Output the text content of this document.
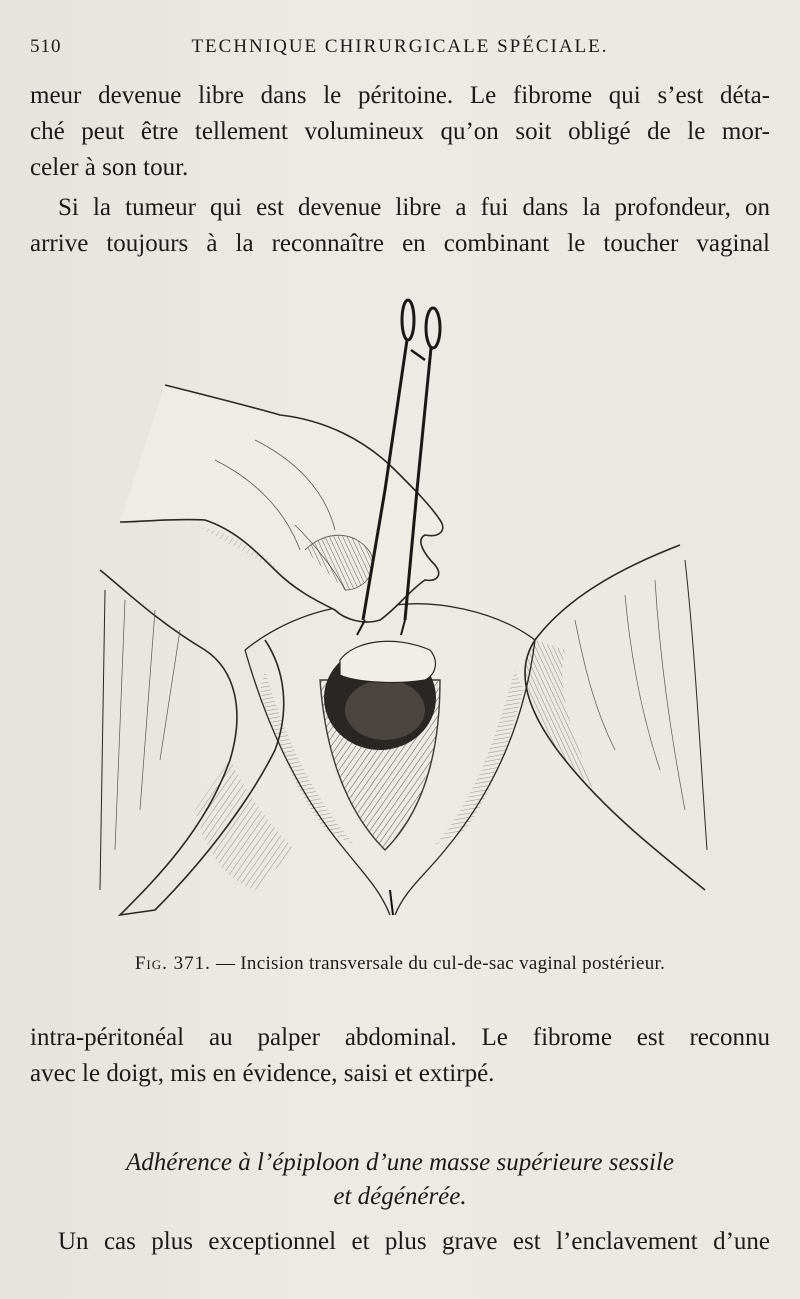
510	TECHNIQUE CHIRURGICALE SPÉCIALE.
meur devenue libre dans le péritoine. Le fibrome qui s’est déta-
ché peut être tellement volumineux qu’on soit obligé de le mor-
celer à son tour.
Si la tumeur qui est devenue libre a fui dans la profondeur, on
arrive toujours à la reconnaître en combinant le toucher vaginal
Fig. 371. — Incision transversale du cul-de-sac vaginal postérieur.
intra-péritonéal au palper abdominal. Le fibrome est reconnu
avec le doigt, mis en évidence, saisi et extirpé.
Adhérence à l’épiploon d’une masse supérieure sessile
et dégénérée.
Un cas plus exceptionnel et plus grave est l’enclavement d’une
